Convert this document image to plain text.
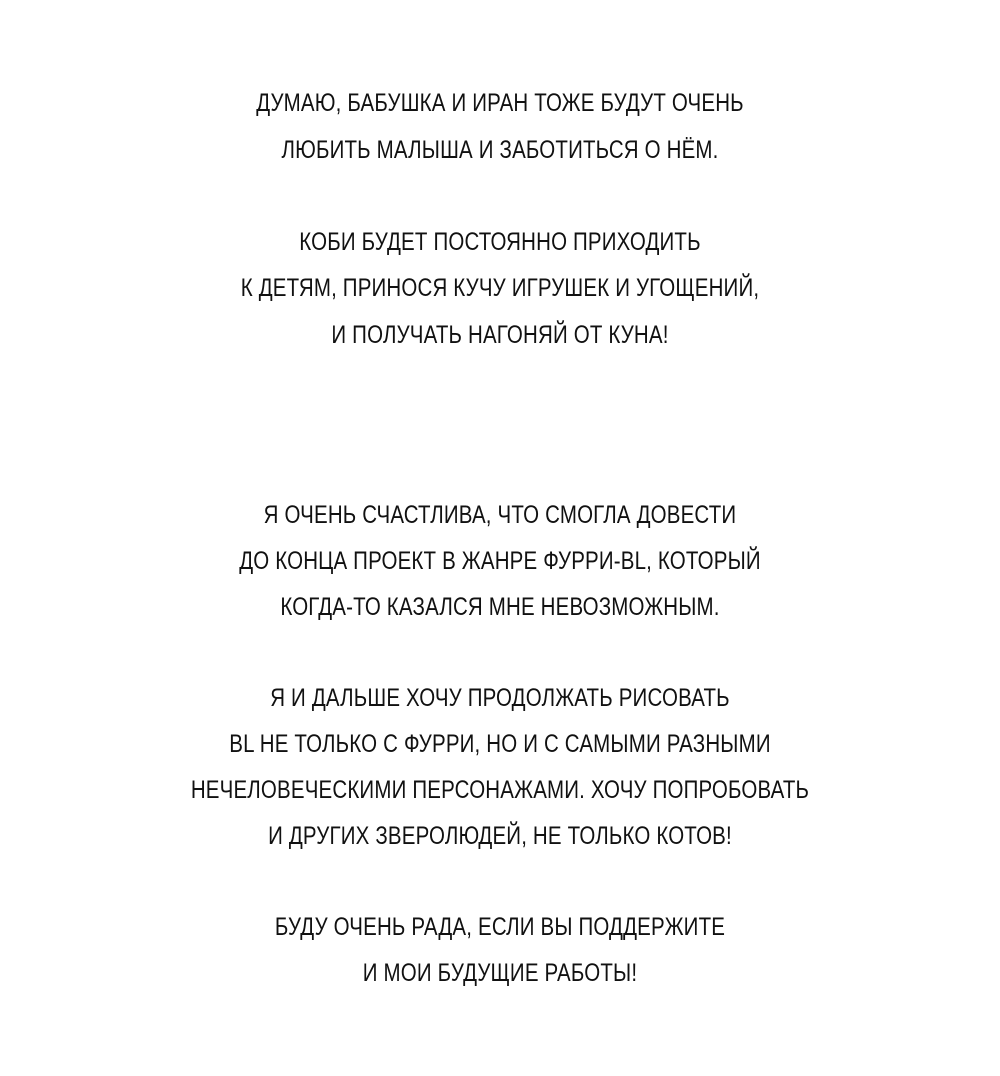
ДУМАЮ, БАБУШКА И ИРАН ТОЖЕ БУДУТ ОЧЕНЬ
ЛЮБИТЬ МАЛЫША И ЗАБОТИТЬСЯ О НЁМ.
КОБИ БУДЕТ ПОСТОЯННО ПРИХОДИТЬ
К ДЕТЯМ, ПРИНОСЯ КУЧУ ИГРУШЕК И УГОЩЕНИЙ,
И ПОЛУЧАТЬ НАГОНЯЙ ОТ КУНА!
Я ОЧЕНЬ СЧАСТЛИВА, ЧТО СМОГЛА ДОВЕСТИ
ДО КОНЦА ПРОЕКТ В ЖАНРЕ ФУРРИ-BL, КОТОРЫЙ
КОГДА-ТО КАЗАЛСЯ МНЕ НЕВОЗМОЖНЫМ.
Я И ДАЛЬШЕ ХОЧУ ПРОДОЛЖАТЬ РИСОВАТЬ
BL НЕ ТОЛЬКО С ФУРРИ, НО И С САМЫМИ РАЗНЫМИ
НЕЧЕЛОВЕЧЕСКИМИ ПЕРСОНАЖАМИ. ХОЧУ ПОПРОБОВАТЬ
И ДРУГИХ ЗВЕРОЛЮДЕЙ, НЕ ТОЛЬКО КОТОВ!
БУДУ ОЧЕНЬ РАДА, ЕСЛИ ВЫ ПОДДЕРЖИТЕ
И МОИ БУДУЩИЕ РАБОТЫ!
